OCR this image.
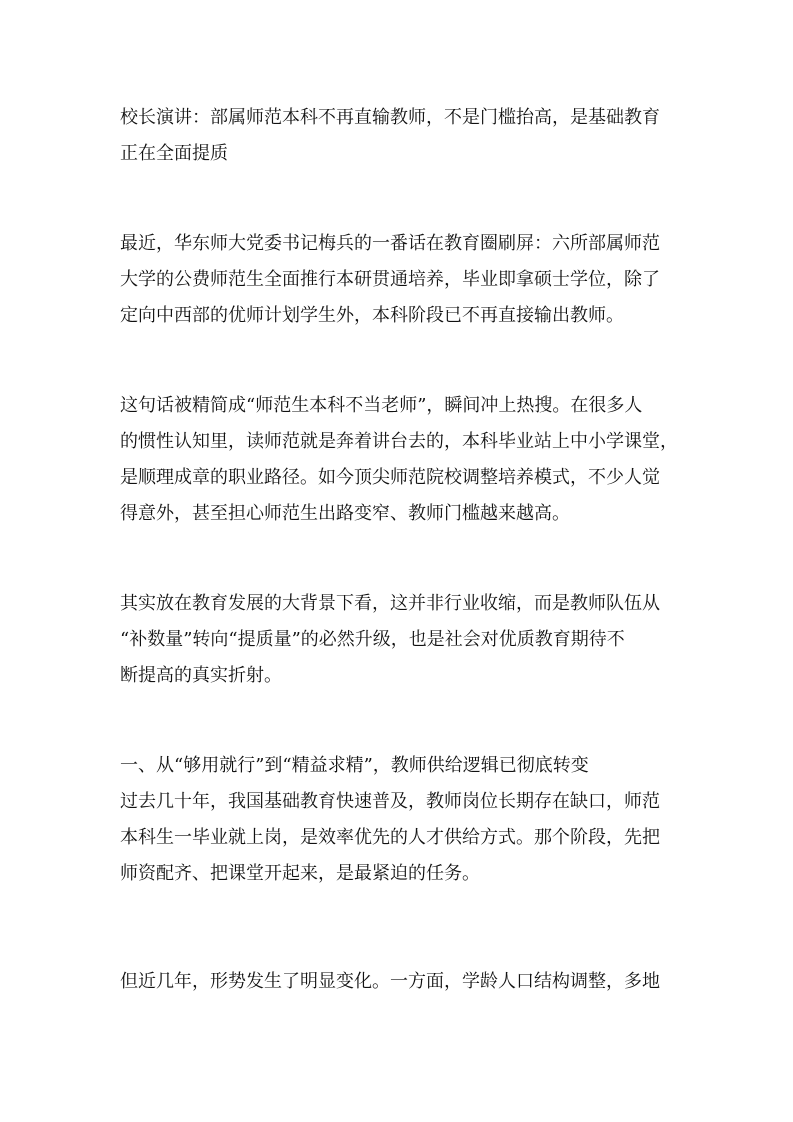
校长演讲：部属师范本科不再直输教师，不是门槛抬高，是基础教育
正在全面提质

最近，华东师大党委书记梅兵的一番话在教育圈刷屏：六所部属师范
大学的公费师范生全面推行本研贯通培养，毕业即拿硕士学位，除了
定向中西部的优师计划学生外，本科阶段已不再直接输出教师。

这句话被精简成“师范生本科不当老师”，瞬间冲上热搜。在很多人
的惯性认知里，读师范就是奔着讲台去的，本科毕业站上中小学课堂，
是顺理成章的职业路径。如今顶尖师范院校调整培养模式，不少人觉
得意外，甚至担心师范生出路变窄、教师门槛越来越高。

其实放在教育发展的大背景下看，这并非行业收缩，而是教师队伍从
“补数量”转向“提质量”的必然升级，也是社会对优质教育期待不
断提高的真实折射。

一、从“够用就行”到“精益求精”，教师供给逻辑已彻底转变
过去几十年，我国基础教育快速普及，教师岗位长期存在缺口，师范
本科生一毕业就上岗，是效率优先的人才供给方式。那个阶段，先把
师资配齐、把课堂开起来，是最紧迫的任务。

但近几年，形势发生了明显变化。一方面，学龄人口结构调整，多地
